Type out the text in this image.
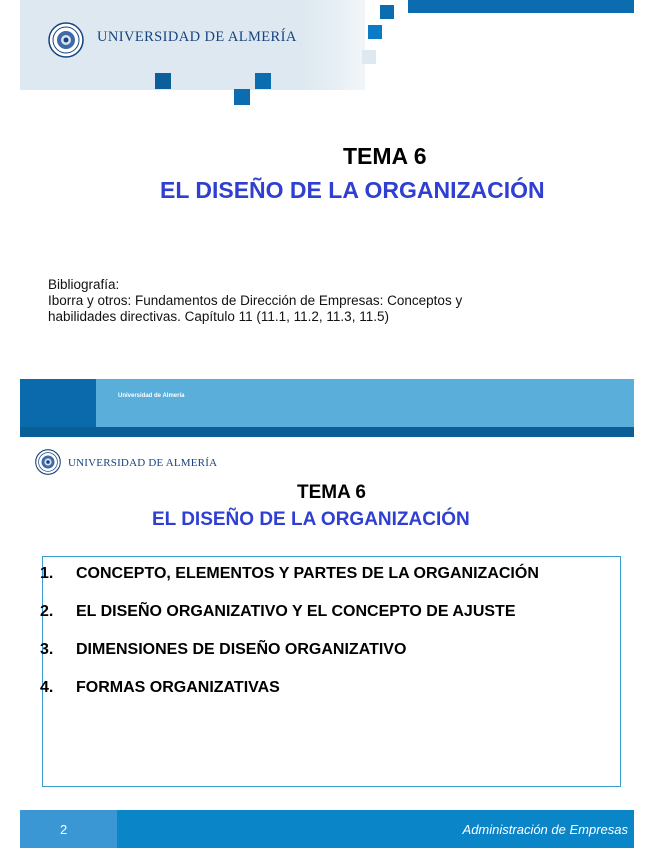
UNIVERSIDAD DE ALMERÍA
TEMA 6
EL DISEÑO DE LA ORGANIZACIÓN
Bibliografía:
Iborra y otros: Fundamentos de Dirección de Empresas: Conceptos y
habilidades directivas. Capítulo 11 (11.1, 11.2, 11.3, 11.5)
Universidad de Almería
UNIVERSIDAD DE ALMERÍA
TEMA 6
EL DISEÑO DE LA ORGANIZACIÓN
1. CONCEPTO, ELEMENTOS Y PARTES DE LA ORGANIZACIÓN
2. EL DISEÑO ORGANIZATIVO Y EL CONCEPTO DE AJUSTE
3. DIMENSIONES DE DISEÑO ORGANIZATIVO
4. FORMAS ORGANIZATIVAS
2	Administración de Empresas
